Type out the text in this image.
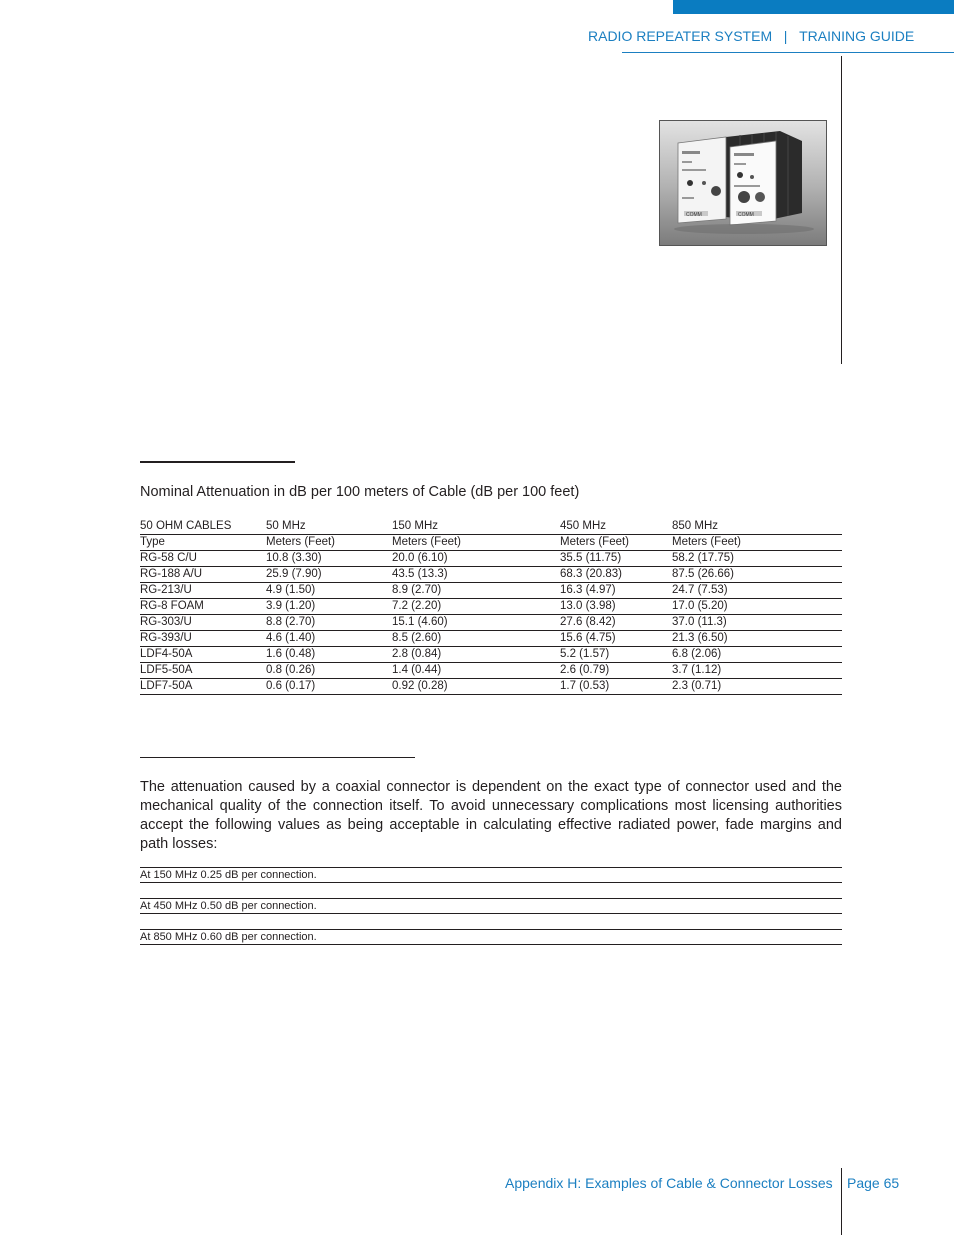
RADIO REPEATER SYSTEM | TRAINING GUIDE
COMM	COMM
Nominal Attenuation in dB per 100 meters of Cable (dB per 100 feet)
50 OHM CABLES	50 MHz	150 MHz	450 MHz	850 MHz
Type	Meters (Feet)	Meters (Feet)	Meters (Feet)	Meters (Feet)
RG-58 C/U	10.8 (3.30)	20.0 (6.10)	35.5 (11.75)	58.2 (17.75)
RG-188 A/U	25.9 (7.90)	43.5 (13.3)	68.3 (20.83)	87.5 (26.66)
RG-213/U	4.9 (1.50)	8.9 (2.70)	16.3 (4.97)	24.7 (7.53)
RG-8 FOAM	3.9 (1.20)	7.2 (2.20)	13.0 (3.98)	17.0 (5.20)
RG-303/U	8.8 (2.70)	15.1 (4.60)	27.6 (8.42)	37.0 (11.3)
RG-393/U	4.6 (1.40)	8.5 (2.60)	15.6 (4.75)	21.3 (6.50)
LDF4-50A	1.6 (0.48)	2.8 (0.84)	5.2 (1.57)	6.8 (2.06)
LDF5-50A	0.8 (0.26)	1.4 (0.44)	2.6 (0.79)	3.7 (1.12)
LDF7-50A	0.6 (0.17)	0.92 (0.28)	1.7 (0.53)	2.3 (0.71)

The attenuation caused by a coaxial connector is dependent on the exact type of connector used and the mechanical quality of the connection itself. To avoid unnecessary complications most licensing authorities accept the following values as being acceptable in calculating effective radiated power, fade margins and path losses:

At 150 MHz 0.25 dB per connection.
At 450 MHz 0.50 dB per connection.
At 850 MHz 0.60 dB per connection.
Appendix H: Examples of Cable & Connector Losses Page 65
